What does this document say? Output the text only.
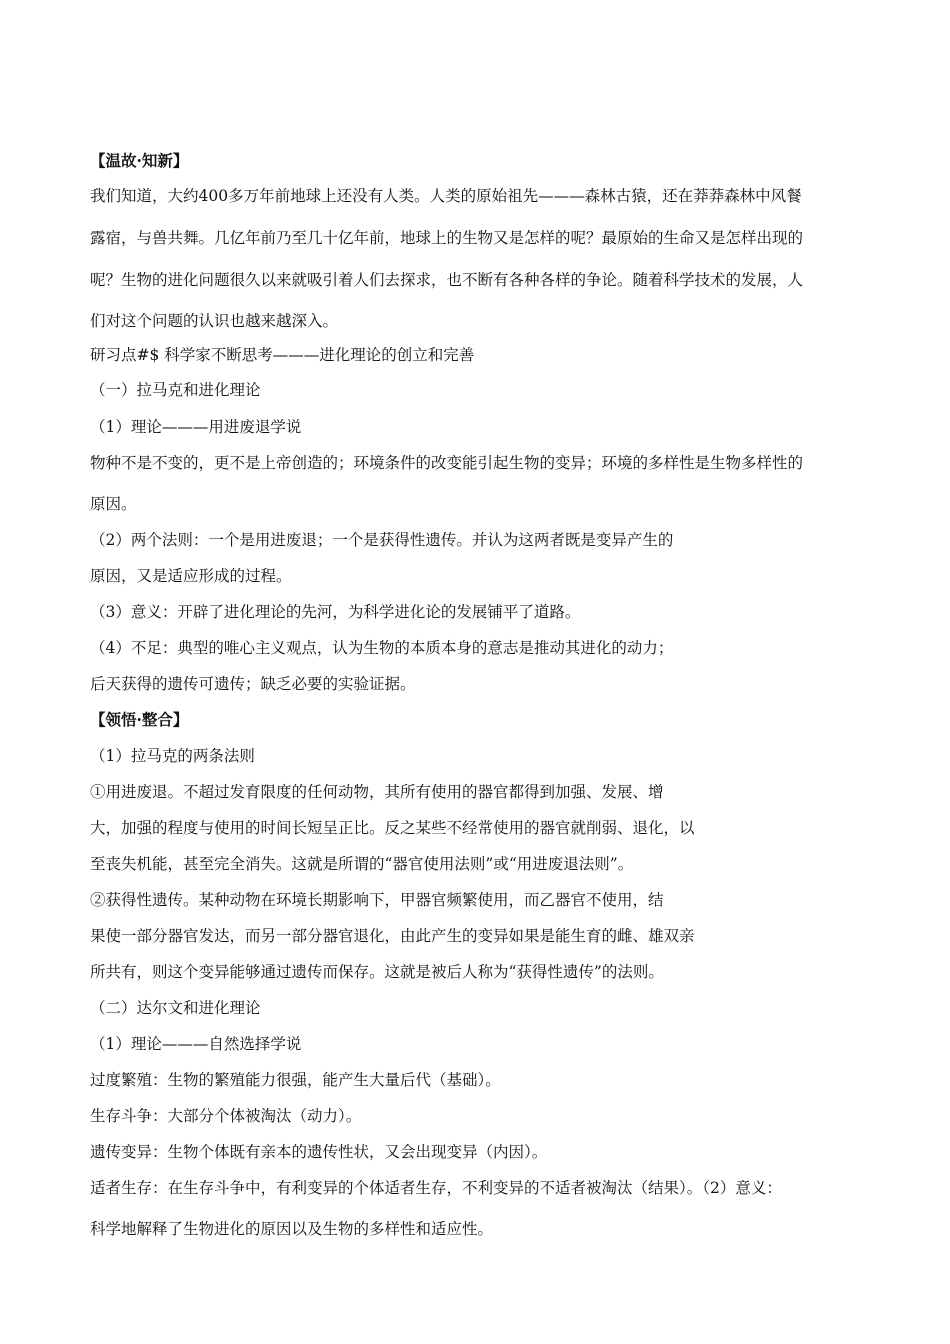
【温故·知新】
我们知道，大约400多万年前地球上还没有人类。人类的原始祖先———森林古猿，还在莽莽森林中风餐
露宿，与兽共舞。几亿年前乃至几十亿年前，地球上的生物又是怎样的呢？最原始的生命又是怎样出现的
呢？生物的进化问题很久以来就吸引着人们去探求，也不断有各种各样的争论。随着科学技术的发展，人
们对这个问题的认识也越来越深入。
研习点#$ 科学家不断思考———进化理论的创立和完善
（一）拉马克和进化理论
（1）理论———用进废退学说
物种不是不变的，更不是上帝创造的；环境条件的改变能引起生物的变异；环境的多样性是生物多样性的
原因。
（2）两个法则：一个是用进废退；一个是获得性遗传。并认为这两者既是变异产生的
原因，又是适应形成的过程。
（3）意义：开辟了进化理论的先河，为科学进化论的发展铺平了道路。
（4）不足：典型的唯心主义观点，认为生物的本质本身的意志是推动其进化的动力；
后天获得的遗传可遗传；缺乏必要的实验证据。
【领悟·整合】
（1）拉马克的两条法则
①用进废退。不超过发育限度的任何动物，其所有使用的器官都得到加强、发展、增
大，加强的程度与使用的时间长短呈正比。反之某些不经常使用的器官就削弱、退化，以
至丧失机能，甚至完全消失。这就是所谓的“器官使用法则”或“用进废退法则”。
②获得性遗传。某种动物在环境长期影响下，甲器官频繁使用，而乙器官不使用，结
果使一部分器官发达，而另一部分器官退化，由此产生的变异如果是能生育的雌、雄双亲
所共有，则这个变异能够通过遗传而保存。这就是被后人称为“获得性遗传”的法则。
（二）达尔文和进化理论
（1）理论———自然选择学说
过度繁殖：生物的繁殖能力很强，能产生大量后代（基础）。
生存斗争：大部分个体被淘汰（动力）。
遗传变异：生物个体既有亲本的遗传性状，又会出现变异（内因）。
适者生存：在生存斗争中，有利变异的个体适者生存，不利变异的不适者被淘汰（结果）。（2）意义：
科学地解释了生物进化的原因以及生物的多样性和适应性。
